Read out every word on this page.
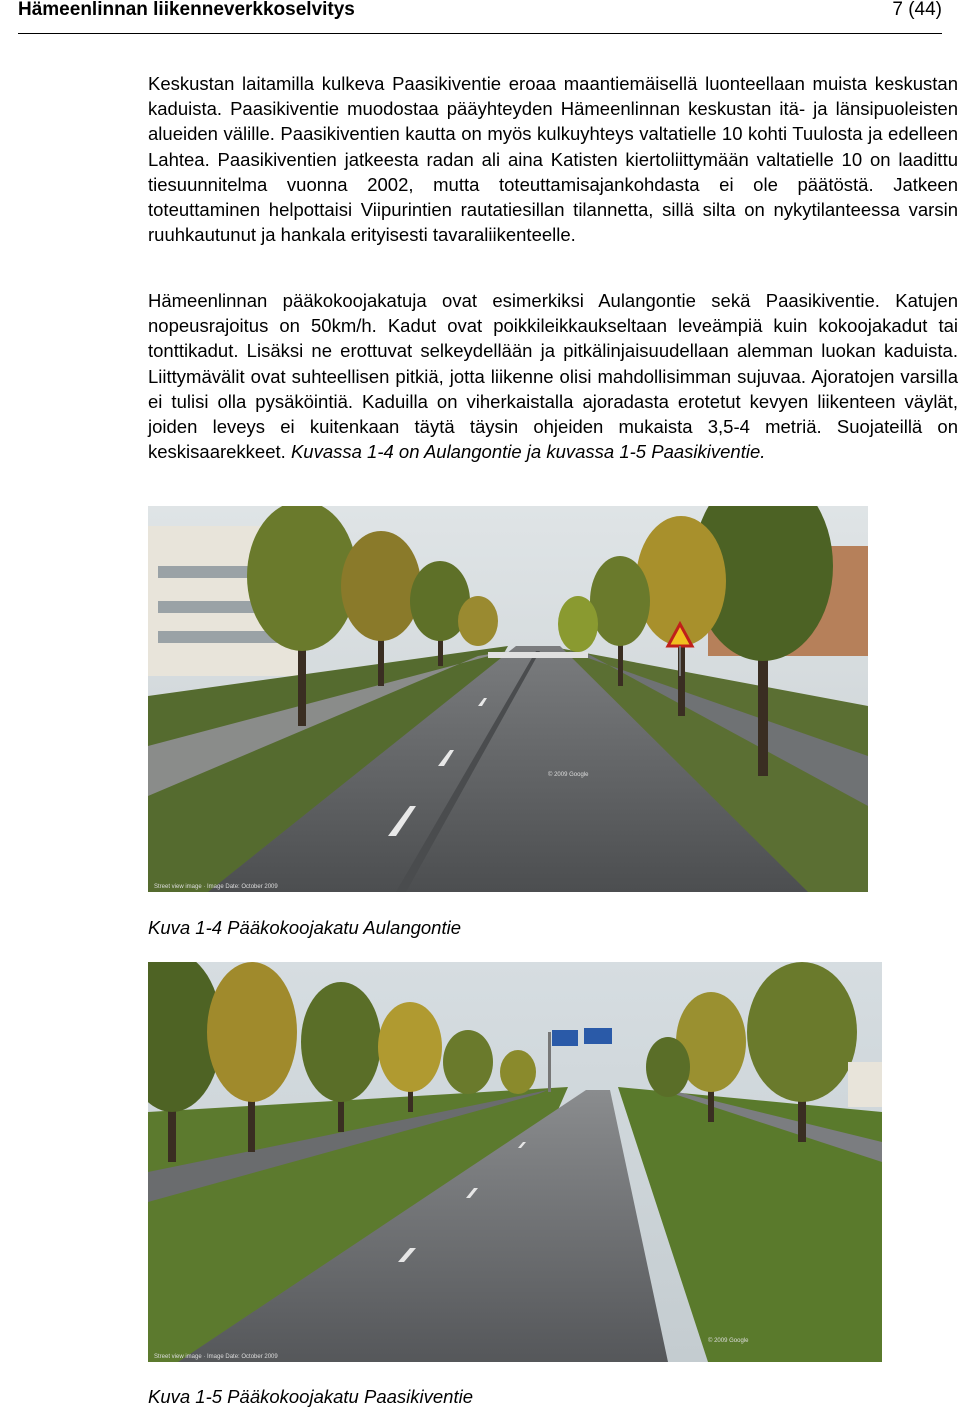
Hämeenlinnan liikenneverkkoselvitys	7 (44)

Keskustan laitamilla kulkeva Paasikiventie eroaa maantiemäisellä luonteellaan muista keskustan kaduista. Paasikiventie muodostaa pääyhteyden Hämeenlinnan keskustan itä- ja länsipuoleisten alueiden välille. Paasikiventien kautta on myös kulkuyhteys valtatielle 10 kohti Tuulosta ja edelleen Lahtea. Paasikiventien jatkeesta radan ali aina Katisten kiertoliittymään valtatielle 10 on laadittu tiesuunnitelma vuonna 2002, mutta toteuttamisajankohdasta ei ole päätöstä. Jatkeen toteuttaminen helpottaisi Viipurintien rautatiesillan tilannetta, sillä silta on nykytilanteessa varsin ruuhkautunut ja hankala erityisesti tavaraliikenteelle.

Hämeenlinnan pääkokoojakatuja ovat esimerkiksi Aulangontie sekä Paasikiventie. Katujen nopeusrajoitus on 50km/h. Kadut ovat poikkileikkaukseltaan leveämpiä kuin kokoojakadut tai tonttikadut. Lisäksi ne erottuvat selkeydellään ja pitkälinjaisuudellaan alemman luokan kaduista. Liittymävälit ovat suhteellisen pitkiä, jotta liikenne olisi mahdollisimman sujuvaa. Ajoratojen varsilla ei tulisi olla pysäköintiä. Kaduilla on viherkaistalla ajoradasta erotetut kevyen liikenteen väylät, joiden leveys ei kuitenkaan täytä täysin ohjeiden mukaista 3,5-4 metriä. Suojateillä on keskisaarekkeet. Kuvassa 1-4 on Aulangontie ja kuvassa 1-5 Paasikiventie.

Street view image · Image Date: October 2009
© 2009 Google
Kuva 1-4 Pääkokoojakatu Aulangontie
Street view image · Image Date: October 2009
© 2009 Google
Kuva 1-5 Pääkokoojakatu Paasikiventie
